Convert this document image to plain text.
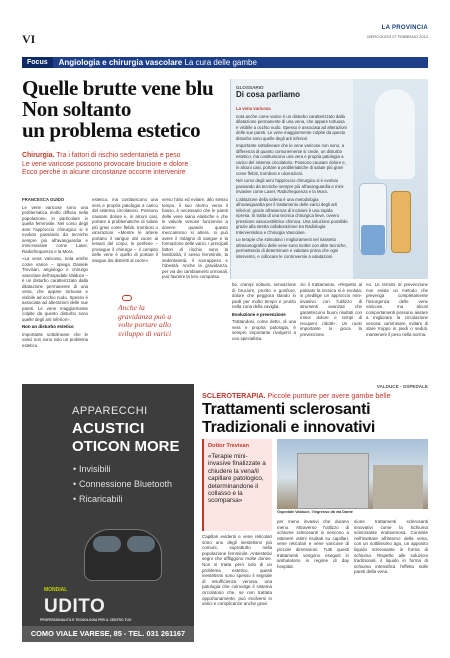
VI
LA PROVINCIA
MERCOLEDÌ 27 FEBBRAIO 2013
Focus	Angiologia e chirurgia vascolare La cura delle gambe
Quelle brutte vene blu
Non soltanto
un problema estetico
Chirurgia. Tra i fattori di rischio sedentarietà e peso
Le vene varicose possono provocare bruciore e dolore
Ecco perché in alcune circostanze occorre intervenire
GLOSSARIO
Di cosa parliamo

La vena varicosa

nota anche come varice è un disturbo caratterizzato dalla dilatazione permanente di una vena, che appare tortuosa e visibile a occhio nudo. Spesso è associata ad alterazioni delle sue pareti. Le vene maggiormente colpite da questo disturbo sono quelle degli arti inferiori.

Importante sottolineare che le vene varicose non sono, a differenza di quanto comunemente si crede, un disturbo estetico, ma costituiscono una vera e propria patologia a carico del sistema circolatorio. Possono causare dolore e, in alcuni casi, portare a problematiche di salute più gravi come flebiti, trombosi e ulcerazioni.

Nel corso degli anni l'approccio chirurgico si è evoluto passando da tecniche sempre più all'avanguardia e mini-invasive come Laser, Radiofrequenza e la Mora.

L'ablazione della safena è una metodologia all'avanguardia per il trattamento delle varici degli arti inferiori: grazie all'assenza di incisioni è una rapida ripresa. Si tratta di una tecnica chirurgica lieve, ovvero pressione vasocostrittrice chimica. Una soluzione possibile grazie alla stretta collaborazione tra Radiologia Interventistica e Chirurgia Vascolare.

Le terapie che stimolano i miglioramenti nel riassetto ultrasonografico delle vene sono inoltre con altre tecniche, permettendo di determinare e valutare prima che ogni intervento, e collocare le controversie a valutazioni.

FRANCESCA GUIDO

Le vene varicose sono una problematica molto diffusa nella popolazione, in particolare in quella femminile. Nel corso degli anni l'approccio chirurgico si è evoluto passando da tecniche sempre più all'avanguardia e mini-invasive come Laser, Radiofrequenza e la Mora.

«La vena varicosa, nota anche come varice – spiega Daniele Trevisan, angiologo e chirurgo vascolare dell'ospedale Valduce – è un disturbo caratterizzato dalla dilatazione permanente di una vena, che appare tortuosa e visibile ad occhio nudo. Spesso è associata ad alterazioni delle sue pareti. Le vene maggiormente colpite da questo disturbo sono quelle degli arti inferiori».

Non un disturbo estetico

Importante sottolineare che le varici non sono solo un problema estetico.

estetico, ma costituiscono una vera e propria patologia a carico del sistema circolatorio. Possono causare dolore e, in alcuni casi, portare a problematiche di salute più gravi come flebiti, trombosi o ulcerazioni. «Mentre le arterie portano il sangue dal cuore ai tessuti del corpo, le periferie – prosegue il chirurgo – il compito delle vene è quello di portare il sangue dai distretti al cuore».

Anche la gravidanza può a volte portare allo sviluppo di varici

verso l'alto ed evitare, allo stesso tempo, il suo ritorno verso il basso, è necessario che le pareti delle vene siano elastiche e che le valvole venose funzionino a dovere: quando questo meccanismo si altera, si può avere il ristagno di sangue e la formazione delle varici. I principali fattori di rischio sono la familiarità, il sesso femminile, la sedentarietà, il sovrappeso e l'obesità. Anche la gravidanza, per via dei cambiamenti ormonali, può favorire la loro comparsa.

be, crampi notturni, sensazione di bruciore, prurito e gonfiore, dolore che peggiora stando in piedi per molto tempo e prurito nella zona della caviglia.

Evoluzione e prevenzione

Trattandosi, come detto, di una vera e propria patologia, è sempre importante rivolgersi a uno specialista.

zio il trattamento. «Rispetto al passato la tecnica si è evoluta: si predilige un approccio mini-invasivo con l'utilizzo di strumenti avanzati che garantiscono buoni risultati con minor dolore e tempi di recupero ridotti». Un ruolo importante lo gioca la prevenzione.

no. Le termini di prevenzione non esiste un metodo che prevenga completamente l'insorgenza delle vene varicose, ma alcuni comportamenti possono aiutare a migliorare la circolazione venosa: camminare, evitare di stare troppo in piedi o seduti, mantenere il peso nella norma.

APPARECCHI
ACUSTICI
OTICON MORE
• Invisibili
• Connessione Bluetooth
• Ricaricabili
MONDIAL
UDITO
PROFESSIONALITÀ E TECNOLOGIA PER IL CENTRO TUO
COMO VIALE VARESE, 85 - TEL. 031 261167
VALDUCE - OSPEDALE
SCLEROTERAPIA. Piccole punture per avere gambe belle
Trattamenti sclerosanti
Tradizionali e innovativi
Dottor Trevisan
«Terapie mini-invasive finalizzate a chiudere la vena/il capillare patologico, determinandone il collasso e la scomparsa»
Ospedale Valduce, l'ingresso da via Dante
Capillari evidenti e vene reticolari sono uno degli inestetismi più comuni, soprattutto nella popolazione femminile. Antiestetici segni che affliggono molte donne. Non si tratta però solo di un problema estetico, questi inestetismi sono spesso il segnale di insufficienza venosa, una patologia che coinvolge il sistema circolatorio che, se non trattata opportunamente, può evolversi in varici e complicanze anche gravi.
per meno invasivi che durano meno. Attraverso l'utilizzo di schiume sclerosanti si riescono a ottenere ottimi risultati su capillari, vene reticolari e vene varicose di piccole dimensioni. Tutti questi trattamenti vengono eseguiti in ambulatorio in regime di day hospital.
sione trattamenti sclerosanti innovativi come la Schiuma sclerosante endovenosa. Consiste nell'iniettare all'interno della vena, con un sottilissimo ago, un apposito liquido sclerosante in forma di schiuma. Rispetto alle soluzioni tradizionali, il liquido in forma di schiuma intensifica l'effetto sulle pareti della vena.
